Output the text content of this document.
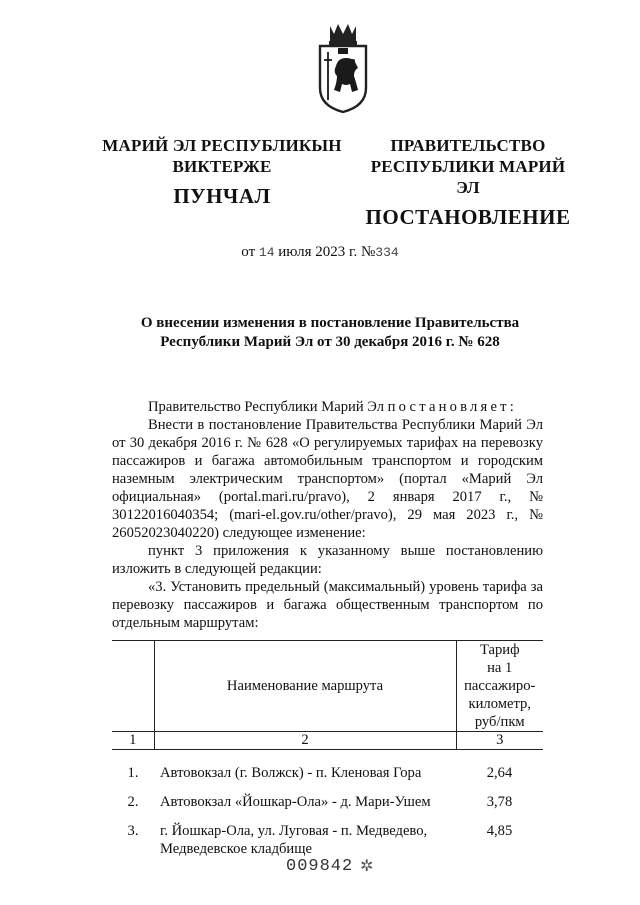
МАРИЙ ЭЛ РЕСПУБЛИКЫН
ВИКТЕРЖЕ
ПУНЧАЛ
ПРАВИТЕЛЬСТВО
РЕСПУБЛИКИ МАРИЙ ЭЛ
ПОСТАНОВЛЕНИЕ
от 14 июля 2023 г. №334
О внесении изменения в постановление Правительства
Республики Марий Эл от 30 декабря 2016 г. № 628
Правительство Республики Марий Эл постановляет:
Внести в постановление Правительства Республики Марий Эл от 30 декабря 2016 г. № 628 «О регулируемых тарифах на перевозку пассажиров и багажа автомобильным транспортом и городским наземным электрическим транспортом» (портал «Марий Эл официальная» (portal.mari.ru/pravo), 2 января 2017 г., № 30122016040354; (mari-el.gov.ru/other/pravo), 29 мая 2023 г., № 26052023040220) следующее изменение:
пункт 3 приложения к указанному выше постановлению изложить в следующей редакции:
«3. Установить предельный (максимальный) уровень тарифа за перевозку пассажиров и багажа общественным транспортом по отдельным маршрутам:
	Наименование маршрута	Тариф
на 1 пассажиро-
километр,
руб/пкм

1	2	3
1.	Автовокзал (г. Волжск) - п. Кленовая Гора	2,64
2.	Автовокзал «Йошкар-Ола» - д. Мари-Ушем	3,78
3.	г. Йошкар-Ола, ул. Луговая - п. Медведево, Медведевское кладбище	4,85
009842 ✲
